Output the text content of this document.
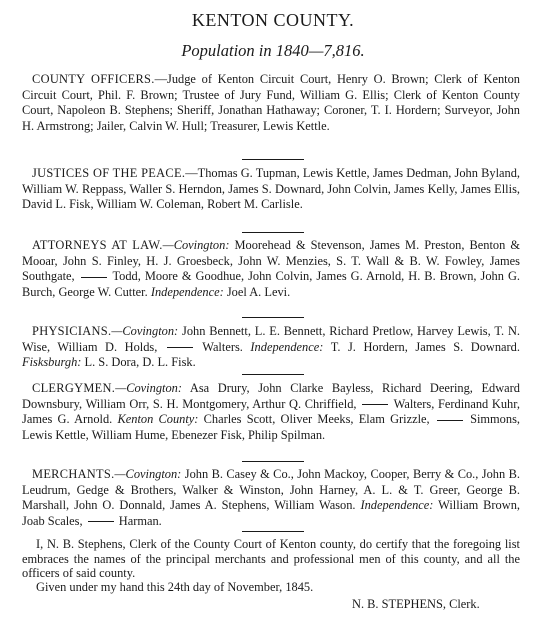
KENTON COUNTY.
Population in 1840—7,816.

COUNTY OFFICERS.—Judge of Kenton Circuit Court, Henry O. Brown; Clerk of Kenton Circuit Court, Phil. F. Brown; Trustee of Jury Fund, William G. Ellis; Clerk of Kenton County Court, Napoleon B. Stephens; Sheriff, Jonathan Hathaway; Coroner, T. I. Hordern; Surveyor, John H. Armstrong; Jailer, Calvin W. Hull; Treasurer, Lewis Kettle.

JUSTICES OF THE PEACE.—Thomas G. Tupman, Lewis Kettle, James Dedman, John Byland, William W. Reppass, Waller S. Herndon, James S. Downard, John Colvin, James Kelly, James Ellis, David L. Fisk, William W. Coleman, Robert M. Carlisle.

ATTORNEYS AT LAW.—Covington: Moorehead & Stevenson, James M. Preston, Benton & Mooar, John S. Finley, H. J. Groesbeck, John W. Menzies, S. T. Wall & B. W. Fowley, James Southgate,  Todd, Moore & Goodhue, John Colvin, James G. Arnold, H. B. Brown, John G. Burch, George W. Cutter. Independence: Joel A. Levi.

PHYSICIANS.—Covington: John Bennett, L. E. Bennett, Richard Pretlow, Harvey Lewis, T. N. Wise, William D. Holds,  Walters. Independence: T. J. Hordern, James S. Downard. Fisksburgh: L. S. Dora, D. L. Fisk.

CLERGYMEN.—Covington: Asa Drury, John Clarke Bayless, Richard Deering, Edward Downsbury, William Orr, S. H. Montgomery, Arthur Q. Chriffield,  Walters, Ferdinand Kuhr, James G. Arnold. Kenton County: Charles Scott, Oliver Meeks, Elam Grizzle,  Simmons, Lewis Kettle, William Hume, Ebenezer Fisk, Philip Spilman.

MERCHANTS.—Covington: John B. Casey & Co., John Mackoy, Cooper, Berry & Co., John B. Leudrum, Gedge & Brothers, Walker & Winston, John Harney, A. L. & T. Greer, George B. Marshall, John O. Donnald, James A. Stephens, William Wason. Independence: William Brown, Joab Scales,  Harman.

I, N. B. Stephens, Clerk of the County Court of Kenton county, do certify that the foregoing list embraces the names of the principal merchants and professional men of this county, and all the officers of said county.

Given under my hand this 24th day of November, 1845.
N. B. STEPHENS, Clerk.
